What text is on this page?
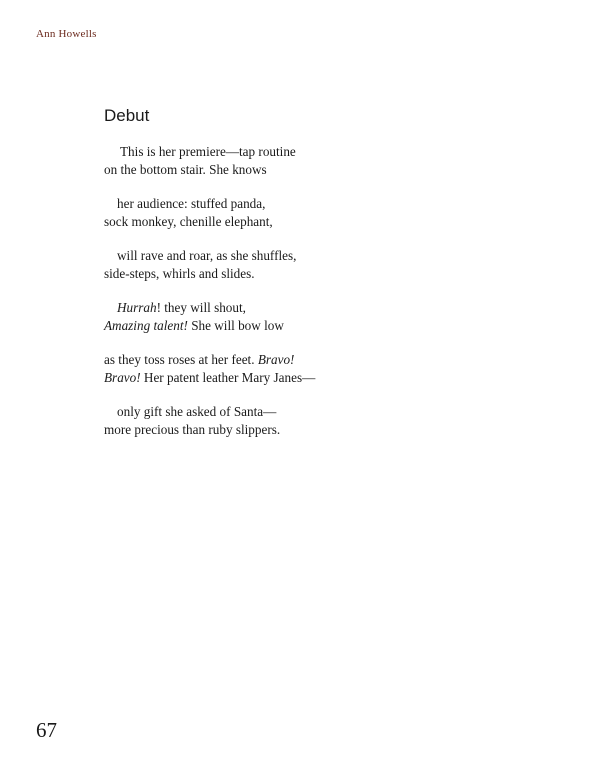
Ann Howells
Debut
This is her premiere—tap routine
on the bottom stair. She knows
her audience: stuffed panda,
sock monkey, chenille elephant,
will rave and roar, as she shuffles,
side-steps, whirls and slides.
Hurrah! they will shout,
Amazing talent! She will bow low
as they toss roses at her feet. Bravo!
Bravo! Her patent leather Mary Janes—
only gift she asked of Santa—
more precious than ruby slippers.
67
